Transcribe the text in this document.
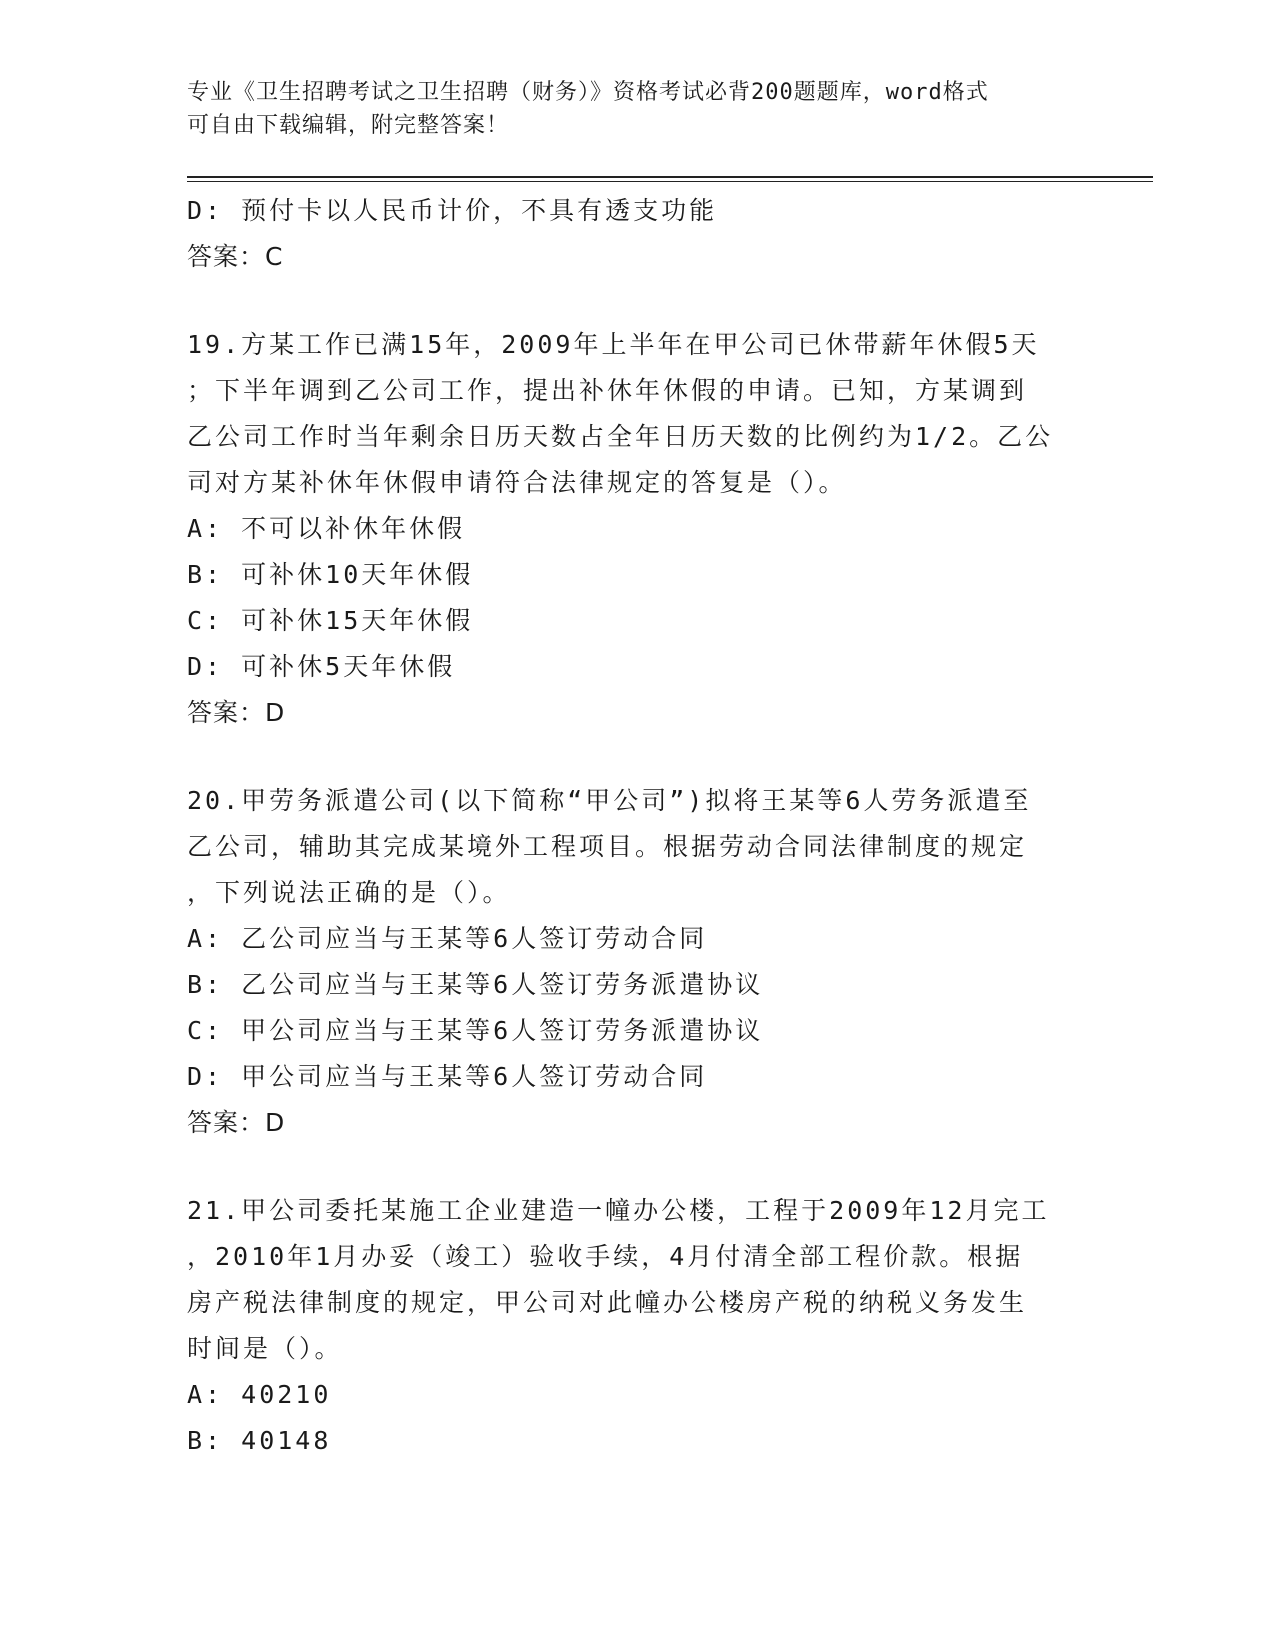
专业《卫生招聘考试之卫生招聘（财务）》资格考试必背200题题库，word格式
可自由下载编辑，附完整答案！
D: 预付卡以人民币计价，不具有透支功能
答案：C
19.方某工作已满15年，2009年上半年在甲公司已休带薪年休假5天
；下半年调到乙公司工作，提出补休年休假的申请。已知，方某调到
乙公司工作时当年剩余日历天数占全年日历天数的比例约为1/2。乙公
司对方某补休年休假申请符合法律规定的答复是（）。
A: 不可以补休年休假
B: 可补休10天年休假
C: 可补休15天年休假
D: 可补休5天年休假
答案：D
20.甲劳务派遣公司(以下简称“甲公司”)拟将王某等6人劳务派遣至
乙公司，辅助其完成某境外工程项目。根据劳动合同法律制度的规定
，下列说法正确的是（）。
A: 乙公司应当与王某等6人签订劳动合同
B: 乙公司应当与王某等6人签订劳务派遣协议
C: 甲公司应当与王某等6人签订劳务派遣协议
D: 甲公司应当与王某等6人签订劳动合同
答案：D
21.甲公司委托某施工企业建造一幢办公楼，工程于2009年12月完工
，2010年1月办妥（竣工）验收手续，4月付清全部工程价款。根据
房产税法律制度的规定，甲公司对此幢办公楼房产税的纳税义务发生
时间是（）。
A: 40210
B: 40148
